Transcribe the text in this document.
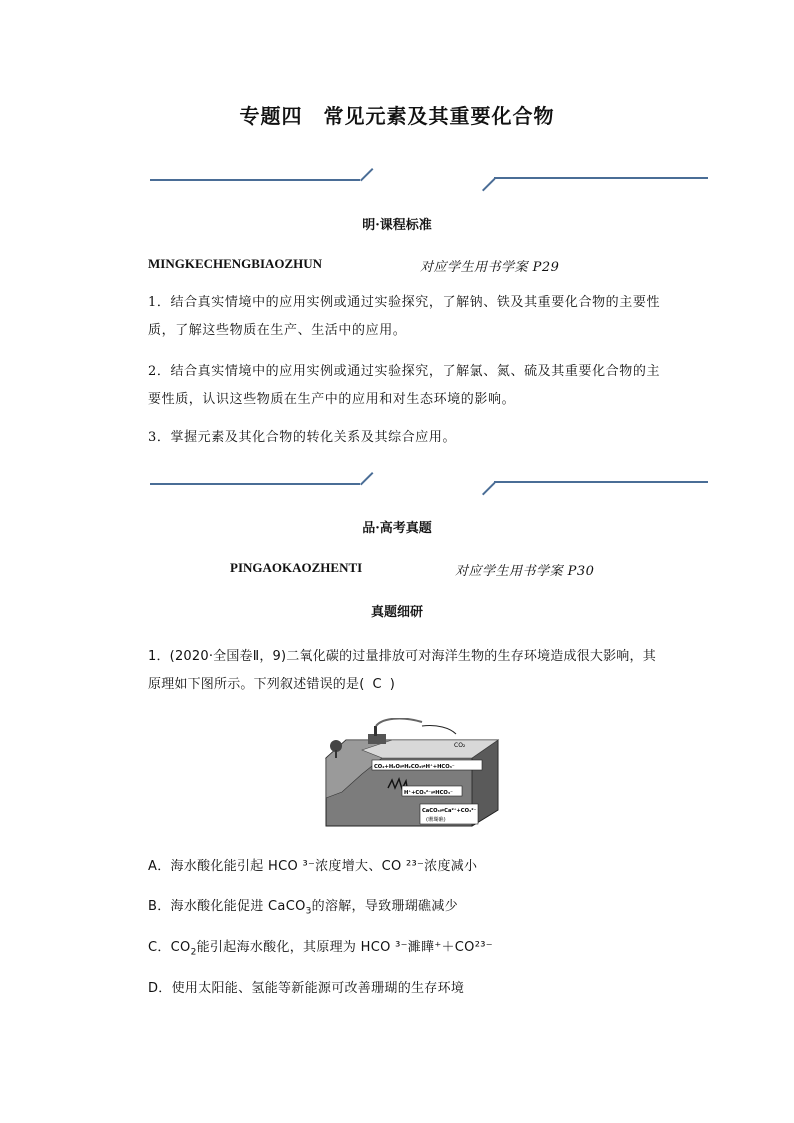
专题四　常见元素及其重要化合物
明·课程标准
MINGKECHENGBIAOZHUN	对应学生用书学案 P29
1．结合真实情境中的应用实例或通过实验探究，了解钠、铁及其重要化合物的主要性
质，了解这些物质在生产、生活中的应用。
2．结合真实情境中的应用实例或通过实验探究，了解氯、氮、硫及其重要化合物的主
要性质，认识这些物质在生产中的应用和对生态环境的影响。
3．掌握元素及其化合物的转化关系及其综合应用。
品·高考真题
PINGAOKAOZHENTI	对应学生用书学案 P30
真题细研
1．(2020·全国卷Ⅱ，9)二氧化碳的过量排放可对海洋生物的生存环境造成很大影响，其
原理如下图所示。下列叙述错误的是( C )
CO₂
CO₂+H₂O⇌H₂CO₃⇌H⁺+HCO₃⁻
H⁺+CO₃²⁻⇌HCO₃⁻
CaCO₃⇌Ca²⁺+CO₃²⁻
(珊瑚礁)
A．海水酸化能引起 HCO ³⁻浓度增大、CO ²³⁻浓度减小
B．海水酸化能促进 CaCO$_3$的溶解，导致珊瑚礁减少
C．$CO_2$能引起海水酸化，其原理为 HCO ³⁻濉瞱⁺＋CO²³⁻
D．使用太阳能、氢能等新能源可改善珊瑚的生存环境
